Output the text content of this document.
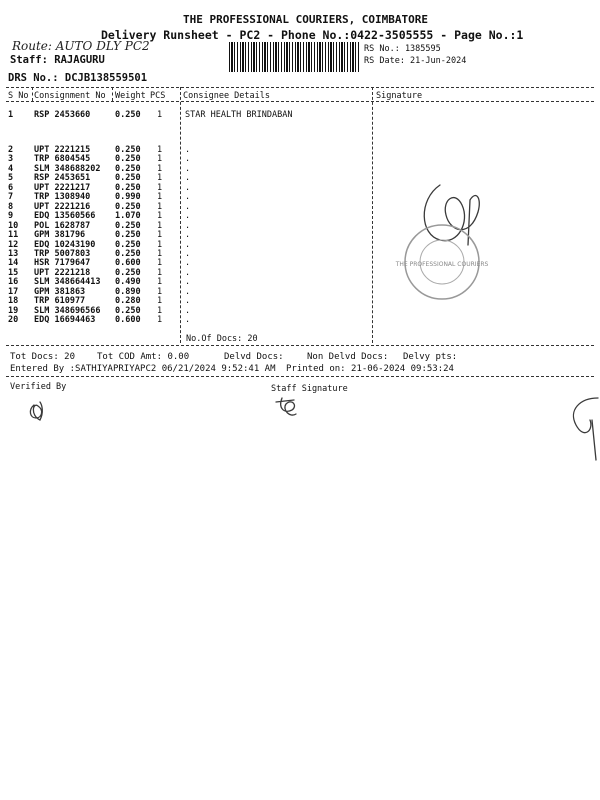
THE PROFESSIONAL COURIERS, COIMBATORE
Delivery Runsheet - PC2 - Phone No.:0422-3505555 - Page No.:1
Route: AUTO DLY PC2
Staff: RAJAGURU
DRS No.: DCJB138559501
RS No.: 1385595
RS Date: 21-Jun-2024
S No Consignment No Weight PCS Consignee Details	Signature
1 RSP 2453660	0.250 1	STAR HEALTH BRINDABAN
2 UPT 2221215	0.250 1	.
3 TRP 6804545	0.250 1	.
4 SLM 348688202 0.250 1	.
5 RSP 2453651	0.250 1	.
6 UPT 2221217	0.250 1	.
7 TRP 1308940	0.990 1	.
8 UPT 2221216	0.250 1	.
9 EDQ 13560566 1.070 1	.
10 POL 1628787	0.250 1	.
11 GPM 381796	0.250 1	.
12 EDQ 10243190 0.250 1	.
13 TRP 5007803	0.250 1	.
14 HSR 7179647	0.600 1	.
15 UPT 2221218	0.250 1	.
16 SLM 348664413 0.490 1	.
17 GPM 381863	0.890 1	.
18 TRP 610977	0.280 1	.
19 SLM 348696566 0.250 1	.
20 EDQ 16694463 0.600 1	.
No.Of Docs: 20
Tot Docs: 20 Tot COD Amt: 0.00	Delvd Docs:	Non Delvd Docs: Delvy pts:
Entered By :SATHIYAPRIYAPC2 06/21/2024 9:52:41 AM Printed on: 21-06-2024 09:53:24
Verified By	Staff Signature
THE PROFESSIONAL COURIERS
